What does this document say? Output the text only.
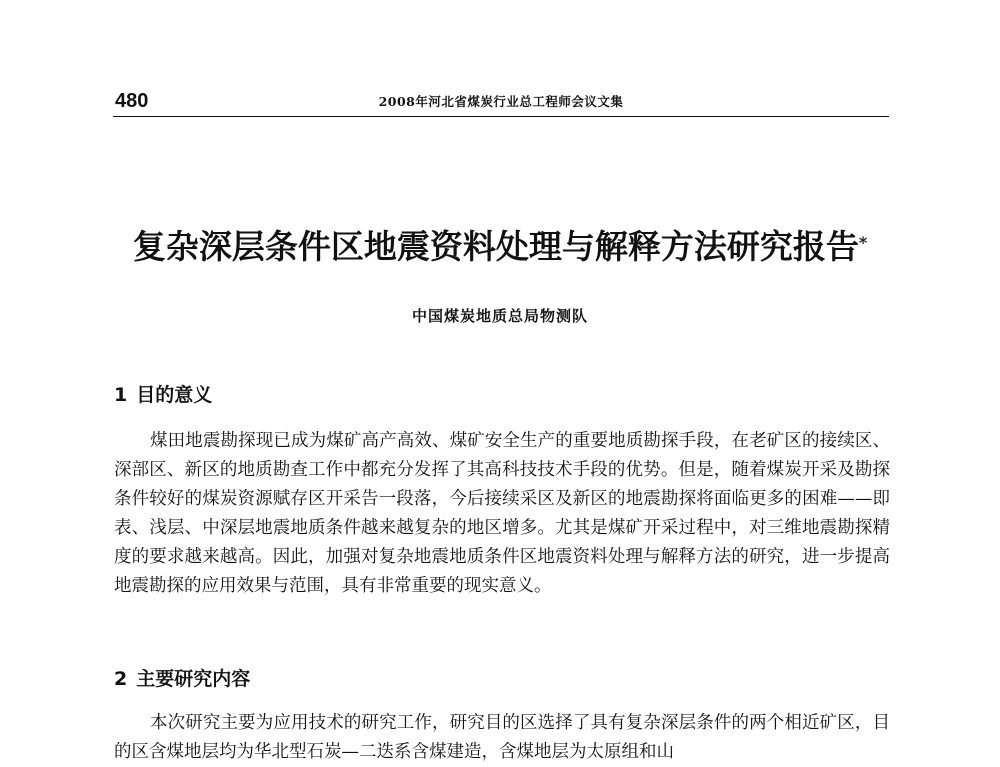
480	2008年河北省煤炭行业总工程师会议文集
复杂深层条件区地震资料处理与解释方法研究报告*
中国煤炭地质总局物测队
1 目的意义

煤田地震勘探现已成为煤矿高产高效、煤矿安全生产的重要地质勘探手段，在老矿区的接续区、深部区、新区的地质勘查工作中都充分发挥了其高科技技术手段的优势。但是，随着煤炭开采及勘探条件较好的煤炭资源赋存区开采告一段落，今后接续采区及新区的地震勘探将面临更多的困难——即表、浅层、中深层地震地质条件越来越复杂的地区增多。尤其是煤矿开采过程中，对三维地震勘探精度的要求越来越高。因此，加强对复杂地震地质条件区地震资料处理与解释方法的研究，进一步提高地震勘探的应用效果与范围，具有非常重要的现实意义。

2 主要研究内容

本次研究主要为应用技术的研究工作，研究目的区选择了具有复杂深层条件的两个相近矿区，目的区含煤地层均为华北型石炭—二迭系含煤建造，含煤地层为太原组和山
